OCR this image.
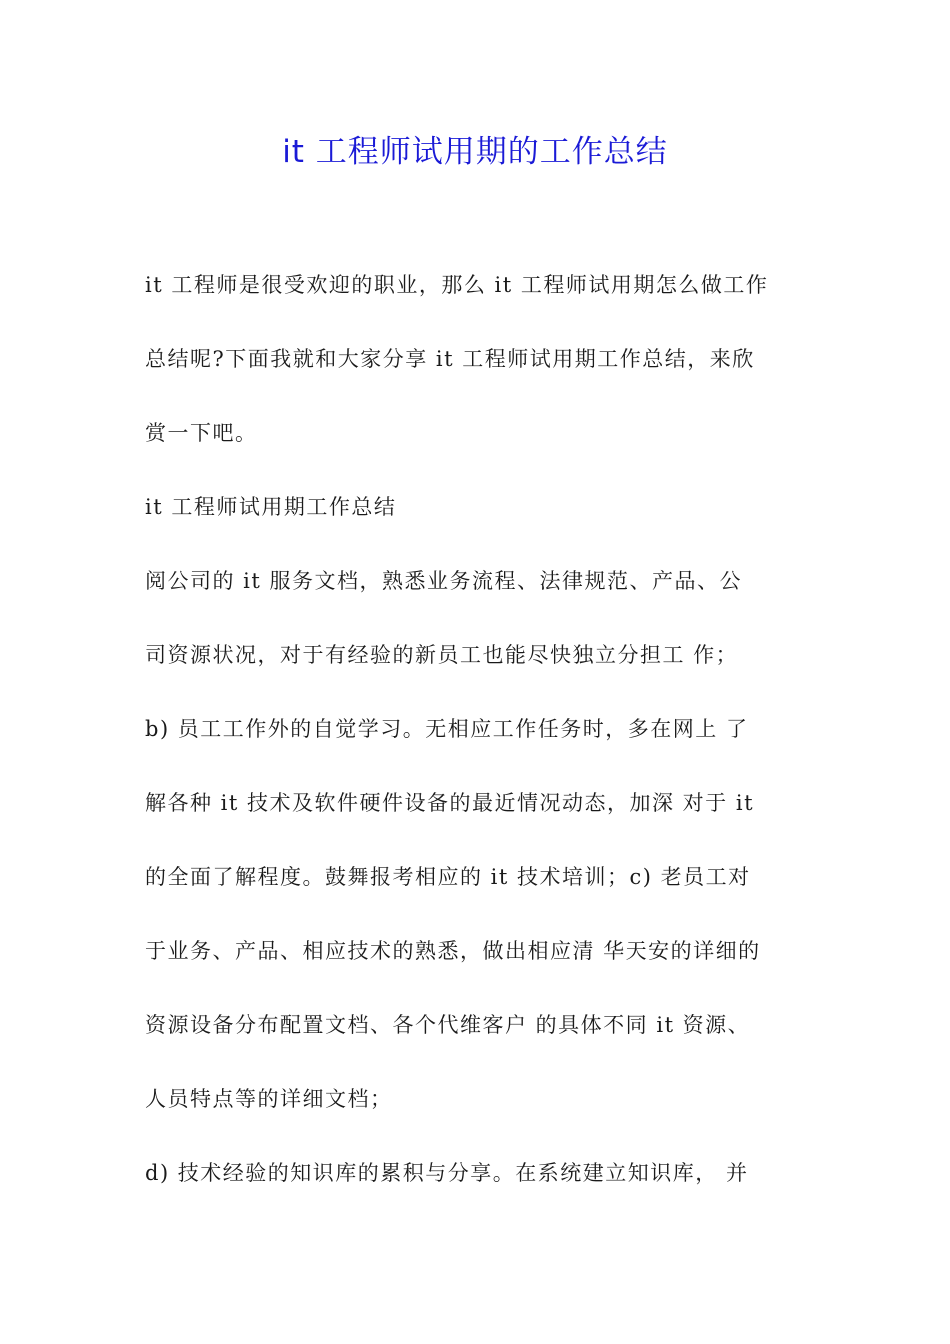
it 工程师试用期的工作总结
it 工程师是很受欢迎的职业，那么 it 工程师试用期怎么做工作
总结呢?下面我就和大家分享 it 工程师试用期工作总结，来欣
赏一下吧。
it 工程师试用期工作总结
阅公司的 it 服务文档，熟悉业务流程、法律规范、产品、公
司资源状况，对于有经验的新员工也能尽快独立分担工 作；
b) 员工工作外的自觉学习。无相应工作任务时，多在网上 了
解各种 it 技术及软件硬件设备的最近情况动态，加深 对于 it
的全面了解程度。鼓舞报考相应的 it 技术培训；c) 老员工对
于业务、产品、相应技术的熟悉，做出相应清 华天安的详细的
资源设备分布配置文档、各个代维客户 的具体不同 it 资源、
人员特点等的详细文档；
d) 技术经验的知识库的累积与分享。在系统建立知识库， 并
